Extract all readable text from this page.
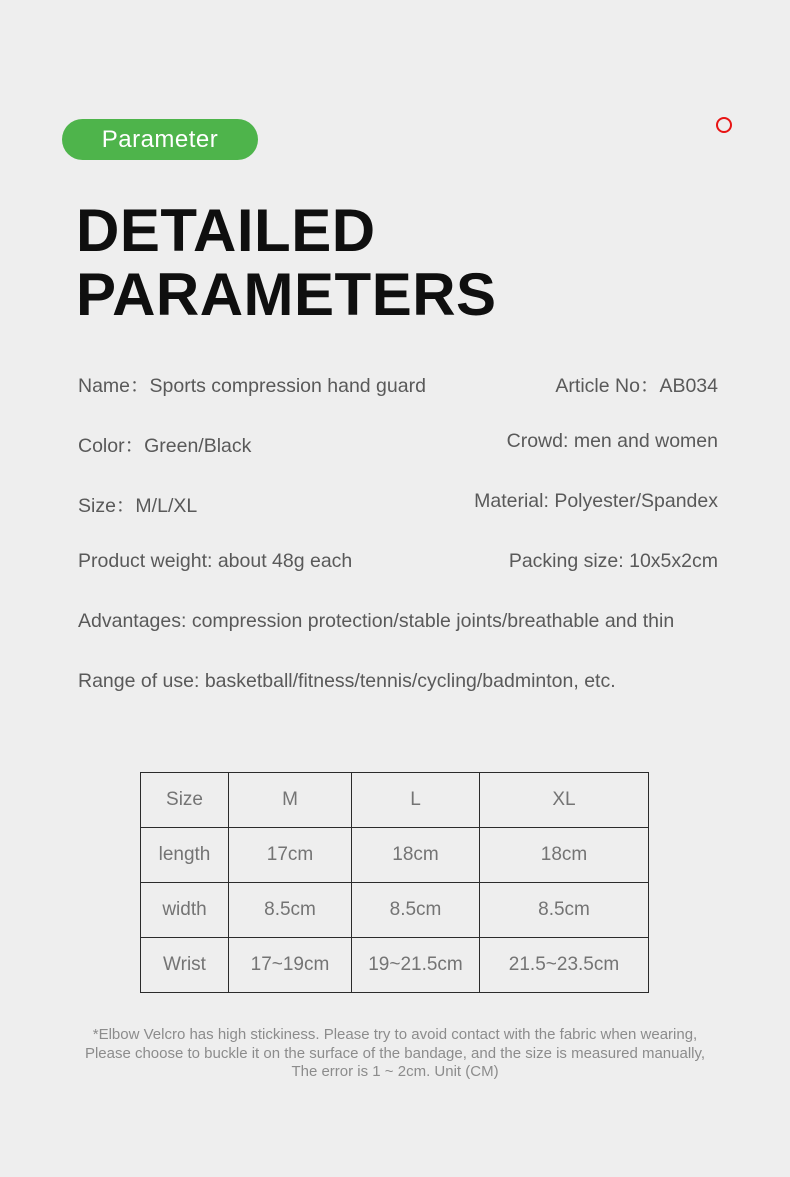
Parameter
DETAILED PARAMETERS
Name：Sports compression hand guard	Article No：AB034
Color：Green/Black	Crowd: men and women
Size：M/L/XL	Material: Polyester/Spandex
Product weight: about 48g each	Packing size: 10x5x2cm
Advantages: compression protection/stable joints/breathable and thin
Range of use: basketball/fitness/tennis/cycling/badminton, etc.
Size	M	L	XL
length	17cm	18cm	18cm
width	8.5cm	8.5cm	8.5cm
Wrist	17~19cm	19~21.5cm	21.5~23.5cm
*Elbow Velcro has high stickiness. Please try to avoid contact with the fabric when wearing,
Please choose to buckle it on the surface of the bandage, and the size is measured manually,
The error is 1 ~ 2cm. Unit (CM)
